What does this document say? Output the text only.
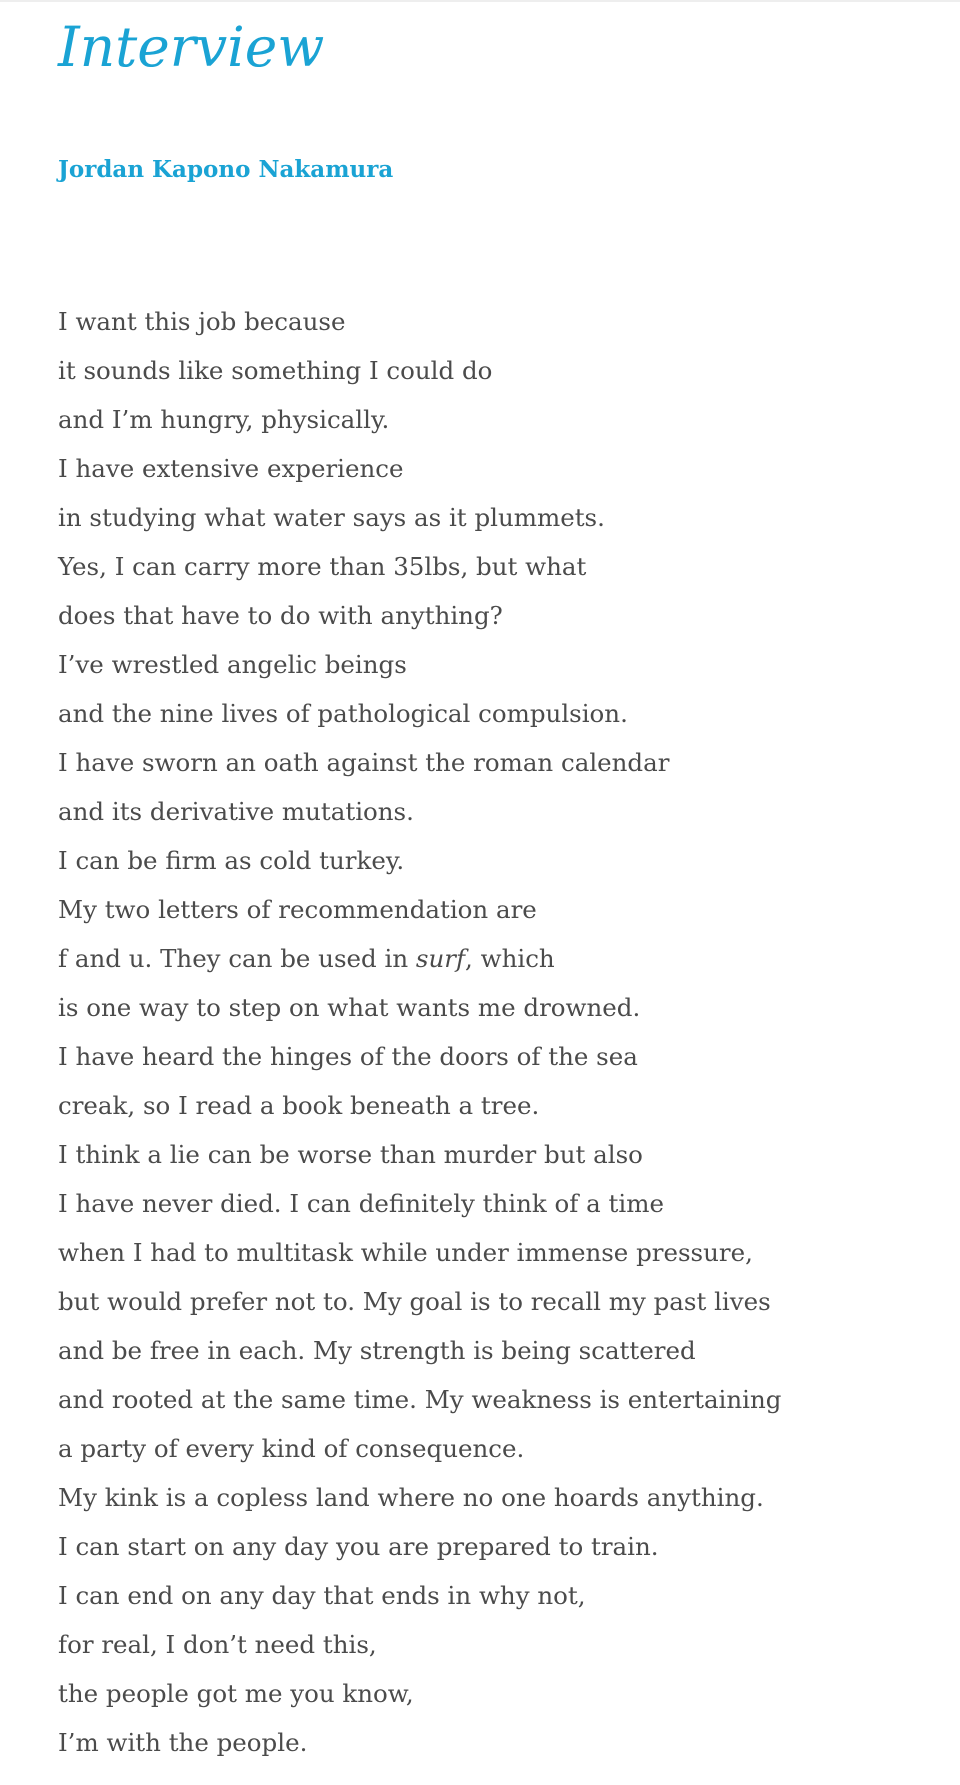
Interview
Jordan Kapono Nakamura
I want this job because
it sounds like something I could do
and I’m hungry, physically.
I have extensive experience
in studying what water says as it plummets.
Yes, I can carry more than 35lbs, but what
does that have to do with anything?
I’ve wrestled angelic beings
and the nine lives of pathological compulsion.
I have sworn an oath against the roman calendar
and its derivative mutations.
I can be firm as cold turkey.
My two letters of recommendation are
f and u. They can be used in surf, which
is one way to step on what wants me drowned.
I have heard the hinges of the doors of the sea
creak, so I read a book beneath a tree.
I think a lie can be worse than murder but also
I have never died. I can definitely think of a time
when I had to multitask while under immense pressure,
but would prefer not to. My goal is to recall my past lives
and be free in each. My strength is being scattered
and rooted at the same time. My weakness is entertaining
a party of every kind of consequence.
My kink is a copless land where no one hoards anything.
I can start on any day you are prepared to train.
I can end on any day that ends in why not,
for real, I don’t need this,
the people got me you know,
I’m with the people.
